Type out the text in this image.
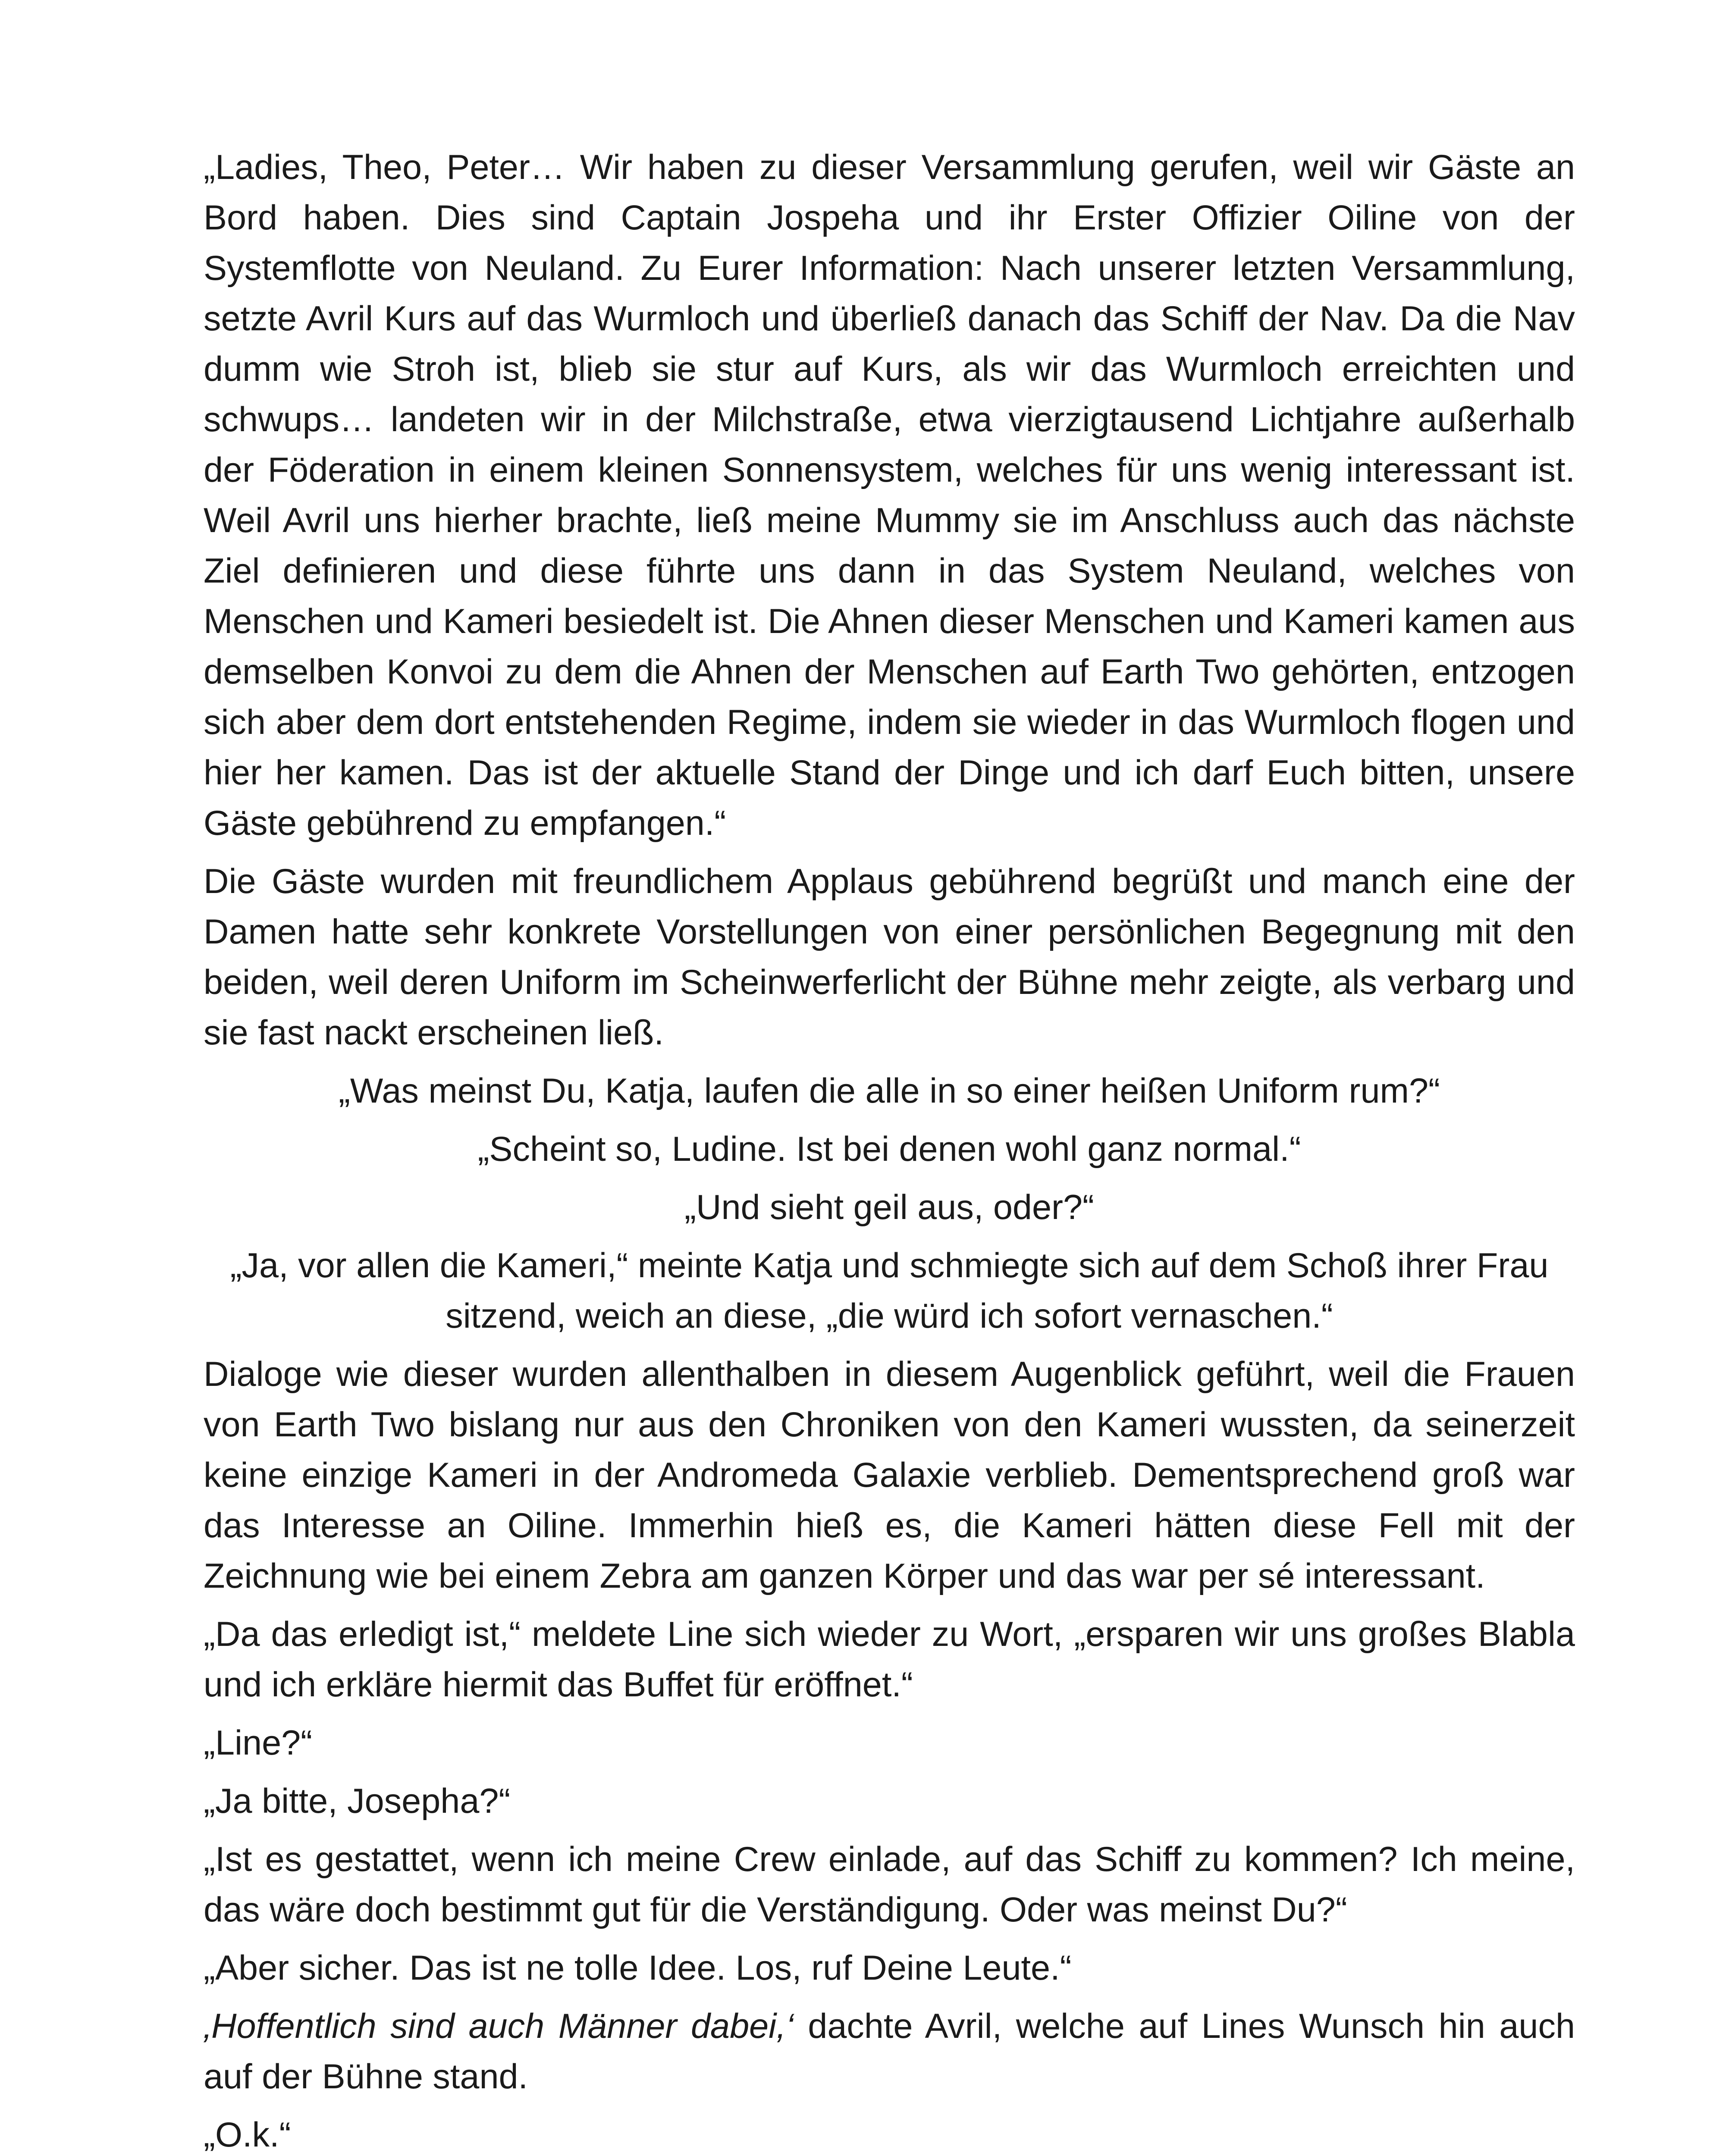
„Ladies, Theo, Peter… Wir haben zu dieser Versammlung gerufen, weil wir Gäste an Bord haben. Dies sind Captain Jospeha und ihr Erster Offizier Oiline von der Systemflotte von Neuland. Zu Eurer Information: Nach unserer letzten Versammlung, setzte Avril Kurs auf das Wurmloch und überließ danach das Schiff der Nav. Da die Nav dumm wie Stroh ist, blieb sie stur auf Kurs, als wir das Wurmloch erreichten und schwups… landeten wir in der Milchstraße, etwa vierzigtausend Lichtjahre außerhalb der Föderation in einem kleinen Sonnensystem, welches für uns wenig interessant ist. Weil Avril uns hierher brachte, ließ meine Mummy sie im Anschluss auch das nächste Ziel definieren und diese führte uns dann in das System Neuland, welches von Menschen und Kameri besiedelt ist. Die Ahnen dieser Menschen und Kameri kamen aus demselben Konvoi zu dem die Ahnen der Menschen auf Earth Two gehörten, entzogen sich aber dem dort entstehenden Regime, indem sie wieder in das Wurmloch flogen und hier her kamen. Das ist der aktuelle Stand der Dinge und ich darf Euch bitten, unsere Gäste gebührend zu empfangen.“

Die Gäste wurden mit freundlichem Applaus gebührend begrüßt und manch eine der Damen hatte sehr konkrete Vorstellungen von einer persönlichen Begegnung mit den beiden, weil deren Uniform im Scheinwerferlicht der Bühne mehr zeigte, als verbarg und sie fast nackt erscheinen ließ.

„Was meinst Du, Katja, laufen die alle in so einer heißen Uniform rum?“

„Scheint so, Ludine. Ist bei denen wohl ganz normal.“

„Und sieht geil aus, oder?“

„Ja, vor allen die Kameri,“ meinte Katja und schmiegte sich auf dem Schoß ihrer Frau sitzend, weich an diese, „die würd ich sofort vernaschen.“

Dialoge wie dieser wurden allenthalben in diesem Augenblick geführt, weil die Frauen von Earth Two bislang nur aus den Chroniken von den Kameri wussten, da seinerzeit keine einzige Kameri in der Andromeda Galaxie verblieb. Dementsprechend groß war das Interesse an Oiline. Immerhin hieß es, die Kameri hätten diese Fell mit der Zeichnung wie bei einem Zebra am ganzen Körper und das war per sé interessant.

„Da das erledigt ist,“ meldete Line sich wieder zu Wort, „ersparen wir uns großes Blabla und ich erkläre hiermit das Buffet für eröffnet.“

„Line?“

„Ja bitte, Josepha?“

„Ist es gestattet, wenn ich meine Crew einlade, auf das Schiff zu kommen? Ich meine, das wäre doch bestimmt gut für die Verständigung. Oder was meinst Du?“

„Aber sicher. Das ist ne tolle Idee. Los, ruf Deine Leute.“

‚Hoffentlich sind auch Männer dabei,‘ dachte Avril, welche auf Lines Wunsch hin auch auf der Bühne stand.

„O.k.“
